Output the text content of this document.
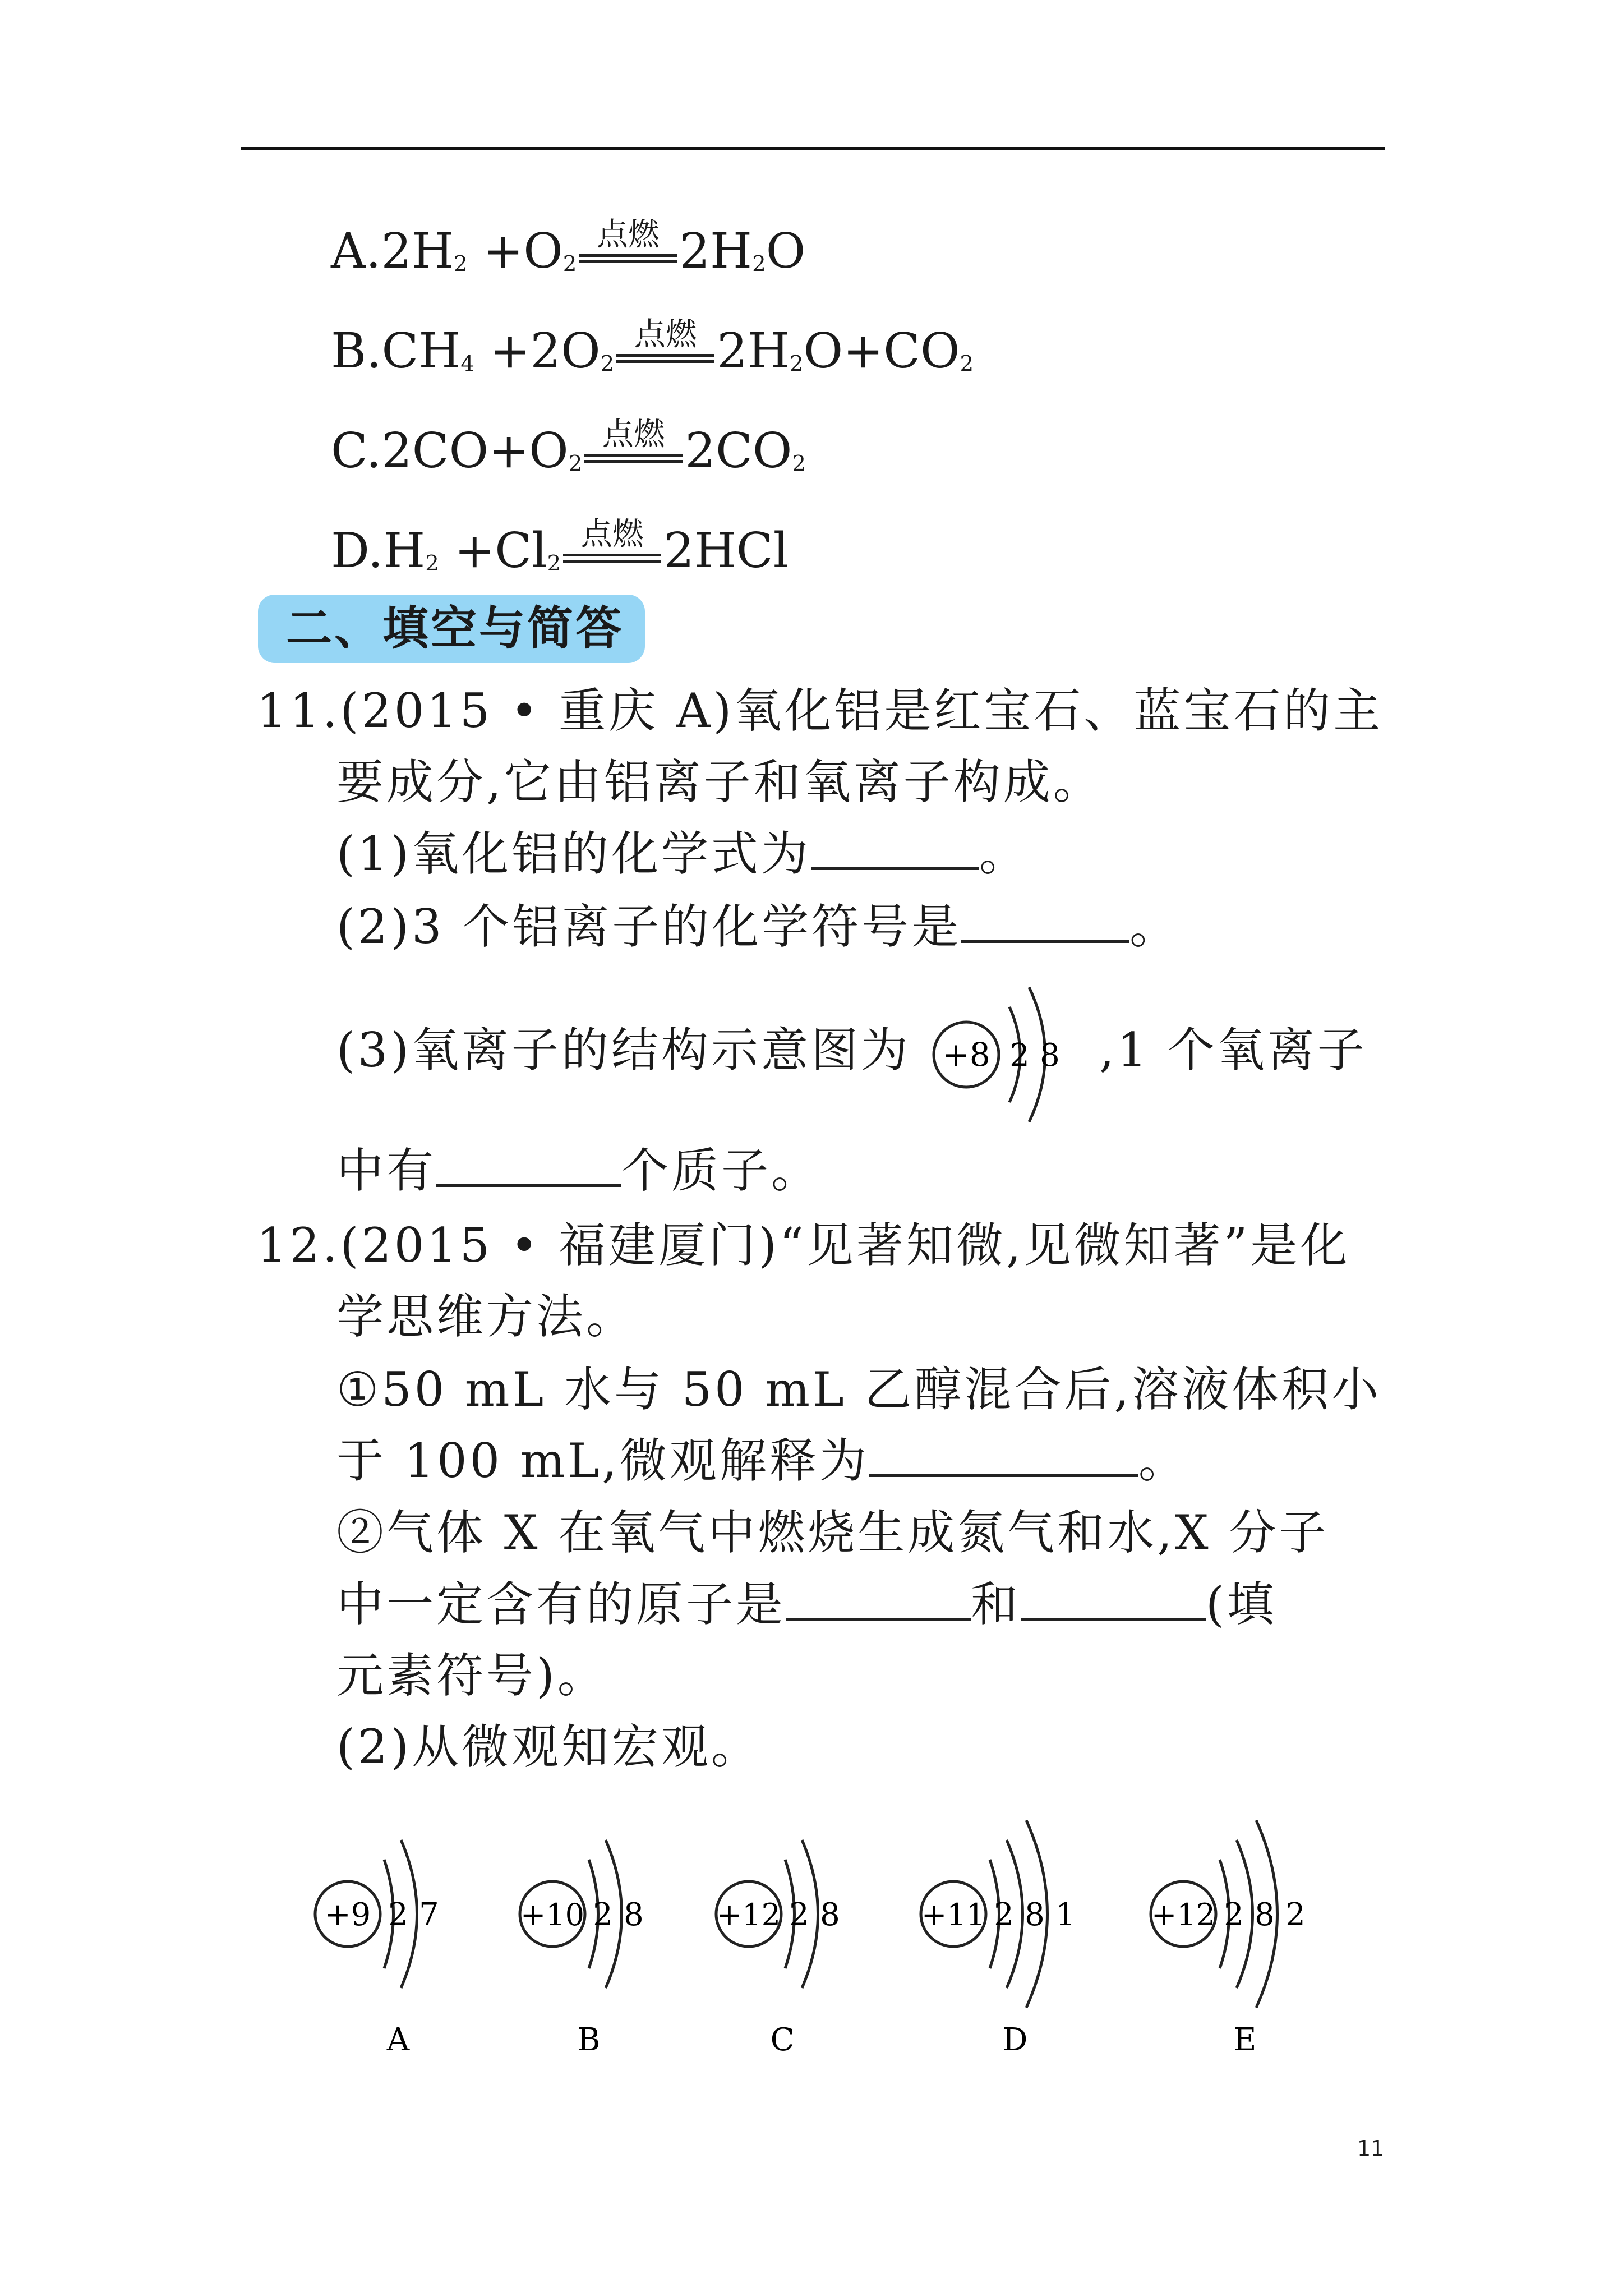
$A.2H_2 +O_2$
点燃 $2H_2O$
$B.CH_4 +2O_2$
点燃 $2H_2O+CO_2$
$C.2CO+O_2$
点燃 $2CO_2$
$D.H_2 +Cl_2$
点燃 2HCl
二、填空与简答
11.(2015 • 重庆 A)氧化铝是红宝石、蓝宝石的主
要成分,它由铝离子和氧离子构成。
(1)氧化铝的化学式为	。
(2)3 个铝离子的化学符号是	。
(3)氧离子的结构示意图为 +8 2 8 ,1 个氧离子
中有	个质子。
12.(2015 • 福建厦门)“见著知微,见微知著”是化
学思维方法。
①50 mL 水与 50 mL 乙醇混合后,溶液体积小
于 100 mL,微观解释为	。
②气体 X 在氧气中燃烧生成氮气和水,X 分子
中一定含有的原子是	和	(填
元素符号)。
(2)从微观知宏观。
+9 2 7
A
+10 2 8
B
+12 2 8
C
+11 2 8 1
D
+12 2 8 2
E
11
